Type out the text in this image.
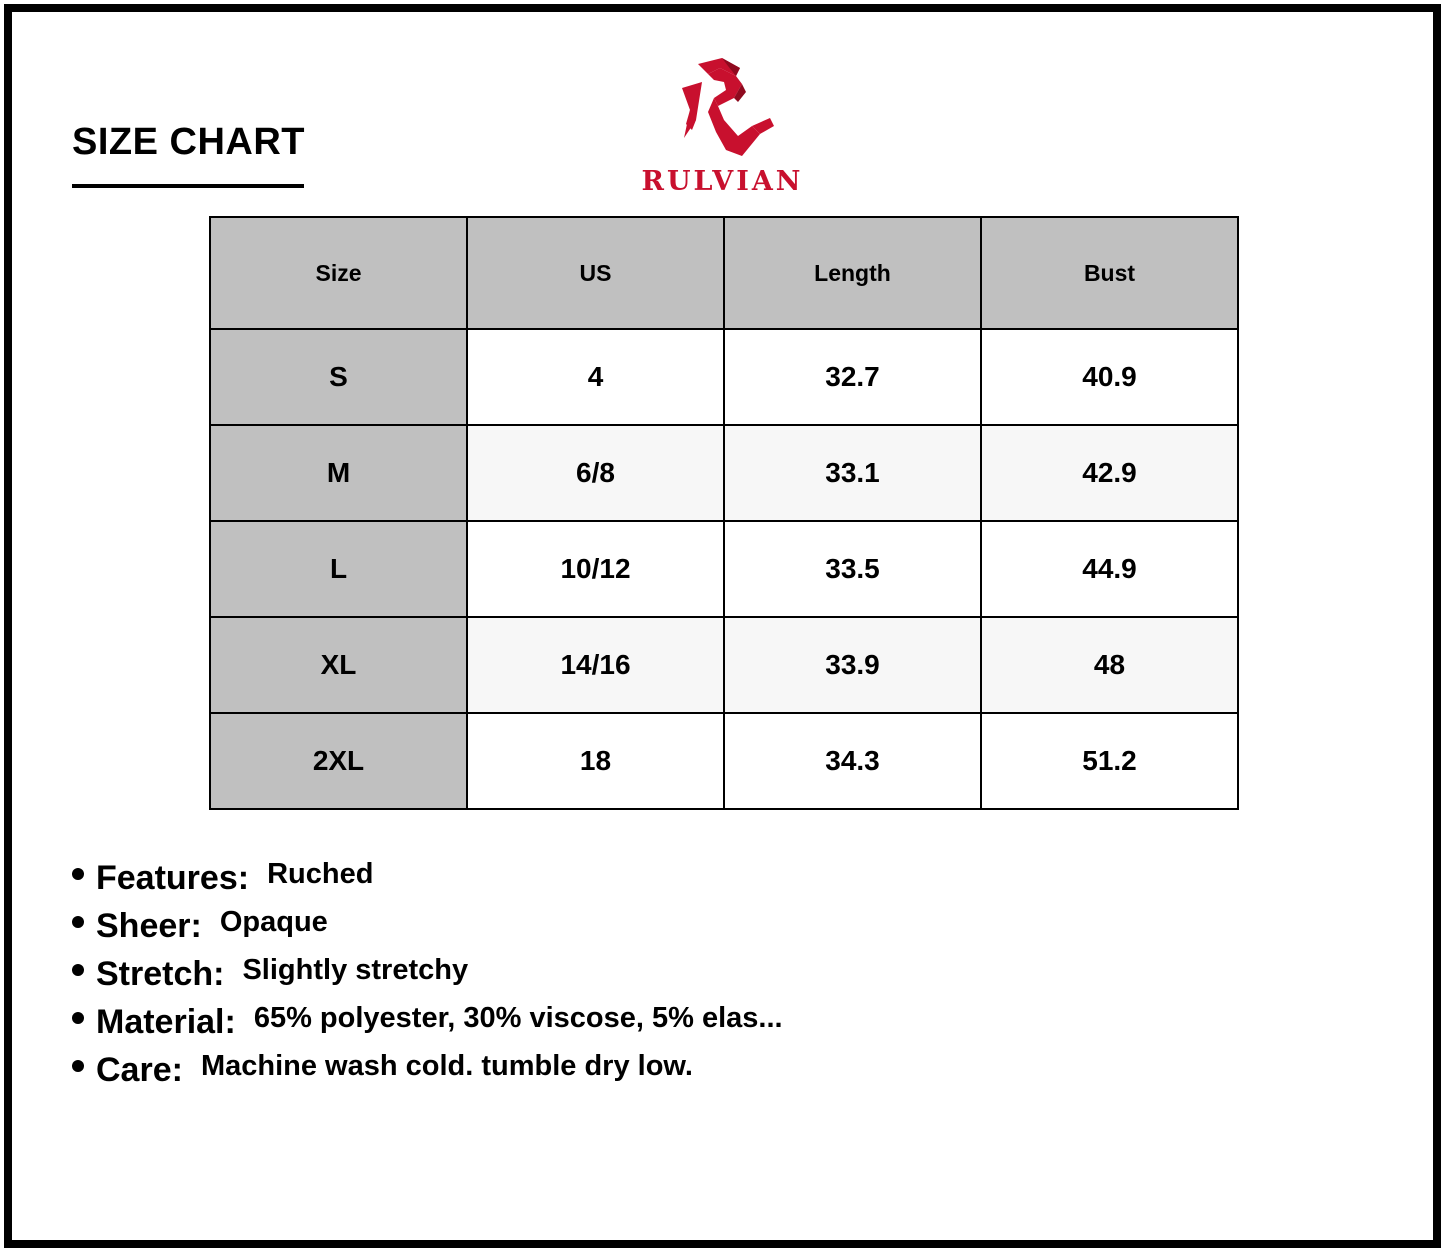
SIZE CHART
RULVIAN
Size	US	Length	Bust
S	4	32.7	40.9
M	6/8	33.1	42.9
L	10/12	33.5	44.9
XL	14/16	33.9	48
2XL	18	34.3	51.2
Features: Ruched
Sheer: Opaque
Stretch: Slightly stretchy
Material: 65% polyester, 30% viscose, 5% elas...
Care: Machine wash cold. tumble dry low.
